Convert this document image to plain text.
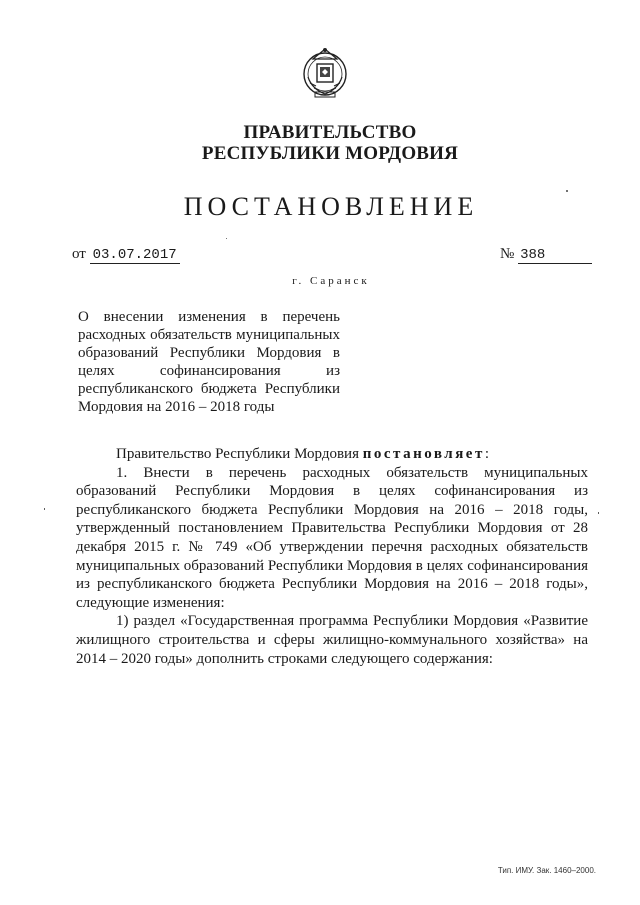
ПРАВИТЕЛЬСТВО
РЕСПУБЛИКИ МОРДОВИЯ
ПОСТАНОВЛЕНИЕ
от 03.07.2017	№ 388
г. Саранск
О внесении изменения в перечень расходных обязательств муниципальных образований Республики Мордовия в целях софинансирования из республиканского бюджета Республики Мордовия на 2016 – 2018 годы

Правительство Республики Мордовия постановляет:

1. Внести в перечень расходных обязательств муниципальных образований Республики Мордовия в целях софинансирования из республиканского бюджета Республики Мордовия на 2016 – 2018 годы, утвержденный постановлением Правительства Республики Мордовия от 28 декабря 2015 г. № 749 «Об утверждении перечня расходных обязательств муниципальных образований Республики Мордовия в целях софинансирования из республиканского бюджета Республики Мордовия на 2016 – 2018 годы», следующие изменения:

1) раздел «Государственная программа Республики Мордовия «Развитие жилищного строительства и сферы жилищно-коммунального хозяйства» на 2014 – 2020 годы» дополнить строками следующего содержания:

Тип. ИМУ. Зак. 1460–2000.
